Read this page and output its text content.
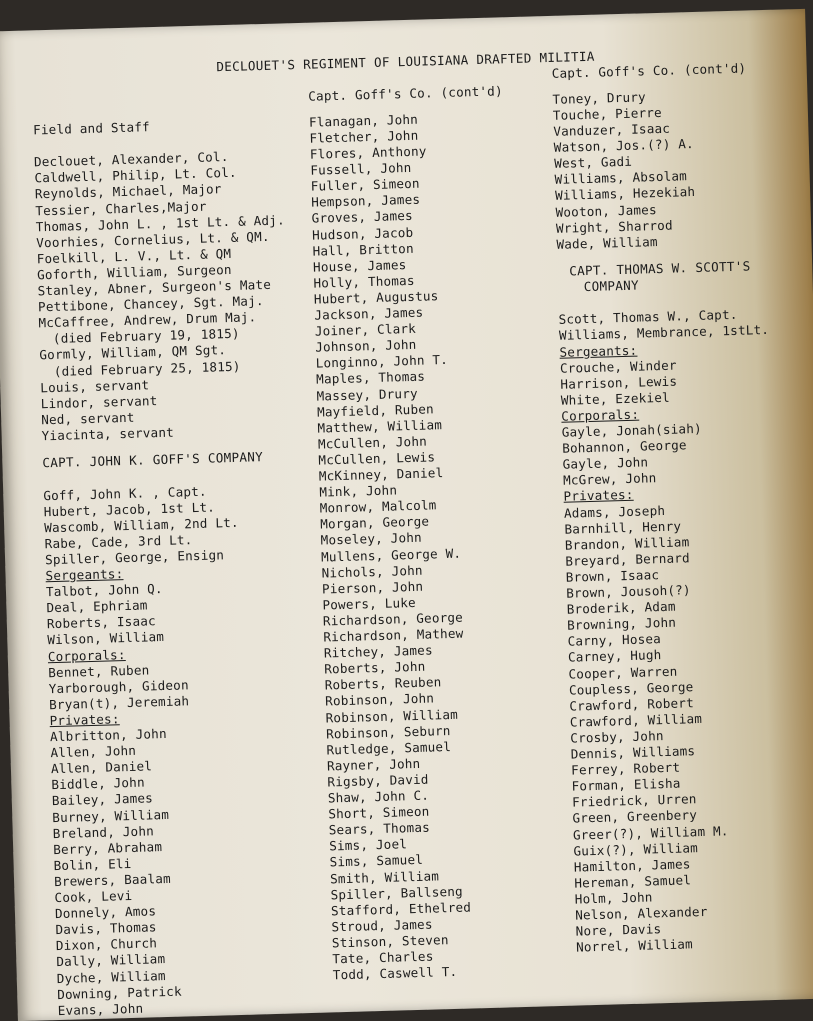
DECLOUET'S REGIMENT OF LOUISIANA DRAFTED MILITIA
Field and Staff
Declouet, Alexander, Col.
Caldwell, Philip, Lt. Col.
Reynolds, Michael, Major
Tessier, Charles,Major
Thomas, John L. , 1st Lt. & Adj.
Voorhies, Cornelius, Lt. & QM.
Foelkill, L. V., Lt. & QM
Goforth, William, Surgeon
Stanley, Abner, Surgeon's Mate
Pettibone, Chancey, Sgt. Maj.
McCaffree, Andrew, Drum Maj.
(died February 19, 1815)
Gormly, William, QM Sgt.
(died February 25, 1815)
Louis, servant
Lindor, servant
Ned, servant
Yiacinta, servant
CAPT. JOHN K. GOFF'S COMPANY
Goff, John K. , Capt.
Hubert, Jacob, 1st Lt.
Wascomb, William, 2nd Lt.
Rabe, Cade, 3rd Lt.
Spiller, George, Ensign
Sergeants:
Talbot, John Q.
Deal, Ephriam
Roberts, Isaac
Wilson, William
Corporals:
Bennet, Ruben
Yarborough, Gideon
Bryan(t), Jeremiah
Privates:
Albritton, John
Allen, John
Allen, Daniel
Biddle, John
Bailey, James
Burney, William
Breland, John
Berry, Abraham
Bolin, Eli
Brewers, Baalam
Cook, Levi
Donnely, Amos
Davis, Thomas
Dixon, Church
Dally, William
Dyche, William
Downing, Patrick
Evans, John
Capt. Goff's Co. (cont'd)
Flanagan, John
Fletcher, John
Flores, Anthony
Fussell, John
Fuller, Simeon
Hempson, James
Groves, James
Hudson, Jacob
Hall, Britton
House, James
Holly, Thomas
Hubert, Augustus
Jackson, James
Joiner, Clark
Johnson, John
Longinno, John T.
Maples, Thomas
Massey, Drury
Mayfield, Ruben
Matthew, William
McCullen, John
McCullen, Lewis
McKinney, Daniel
Mink, John
Monrow, Malcolm
Morgan, George
Moseley, John
Mullens, George W.
Nichols, John
Pierson, John
Powers, Luke
Richardson, George
Richardson, Mathew
Ritchey, James
Roberts, John
Roberts, Reuben
Robinson, John
Robinson, William
Robinson, Seburn
Rutledge, Samuel
Rayner, John
Rigsby, David
Shaw, John C.
Short, Simeon
Sears, Thomas
Sims, Joel
Sims, Samuel
Smith, William
Spiller, Ballseng
Stafford, Ethelred
Stroud, James
Stinson, Steven
Tate, Charles
Todd, Caswell T.
Capt. Goff's Co. (cont'd)
Toney, Drury
Touche, Pierre
Vanduzer, Isaac
Watson, Jos.(?) A.
West, Gadi
Williams, Absolam
Williams, Hezekiah
Wooton, James
Wright, Sharrod
Wade, William
CAPT. THOMAS W. SCOTT'S
COMPANY
Scott, Thomas W., Capt.
Williams, Membrance, 1stLt.
Sergeants:
Crouche, Winder
Harrison, Lewis
White, Ezekiel
Corporals:
Gayle, Jonah(siah)
Bohannon, George
Gayle, John
McGrew, John
Privates:
Adams, Joseph
Barnhill, Henry
Brandon, William
Breyard, Bernard
Brown, Isaac
Brown, Jousoh(?)
Broderik, Adam
Browning, John
Carny, Hosea
Carney, Hugh
Cooper, Warren
Coupless, George
Crawford, Robert
Crawford, William
Crosby, John
Dennis, Williams
Ferrey, Robert
Forman, Elisha
Friedrick, Urren
Green, Greenbery
Greer(?), William M.
Guix(?), William
Hamilton, James
Hereman, Samuel
Holm, John
Nelson, Alexander
Nore, Davis
Norrel, William
